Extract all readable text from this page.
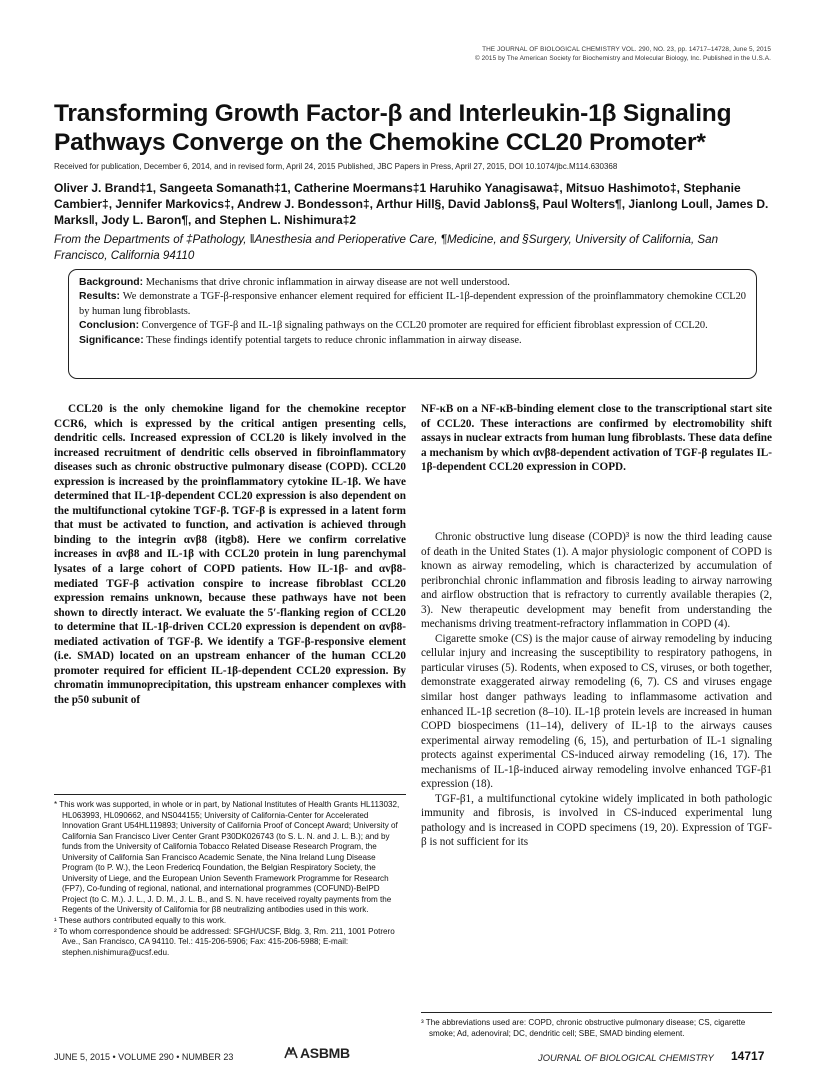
THE JOURNAL OF BIOLOGICAL CHEMISTRY VOL. 290, NO. 23, pp. 14717–14728, June 5, 2015
© 2015 by The American Society for Biochemistry and Molecular Biology, Inc. Published in the U.S.A.
Transforming Growth Factor-β and Interleukin-1β Signaling Pathways Converge on the Chemokine CCL20 Promoter*
Received for publication, December 6, 2014, and in revised form, April 24, 2015 Published, JBC Papers in Press, April 27, 2015, DOI 10.1074/jbc.M114.630368
Oliver J. Brand‡1, Sangeeta Somanath‡1, Catherine Moermans‡1 Haruhiko Yanagisawa‡, Mitsuo Hashimoto‡, Stephanie Cambier‡, Jennifer Markovics‡, Andrew J. Bondesson‡, Arthur Hill§, David Jablons§, Paul Wolters¶, Jianlong Lou‖, James D. Marks‖, Jody L. Baron¶, and Stephen L. Nishimura‡2
From the Departments of ‡Pathology, ‖Anesthesia and Perioperative Care, ¶Medicine, and §Surgery, University of California, San Francisco, California 94110

Background: Mechanisms that drive chronic inflammation in airway disease are not well understood.

Results: We demonstrate a TGF-β-responsive enhancer element required for efficient IL-1β-dependent expression of the proinflammatory chemokine CCL20 by human lung fibroblasts.

Conclusion: Convergence of TGF-β and IL-1β signaling pathways on the CCL20 promoter are required for efficient fibroblast expression of CCL20.

Significance: These findings identify potential targets to reduce chronic inflammation in airway disease.

CCL20 is the only chemokine ligand for the chemokine receptor CCR6, which is expressed by the critical antigen presenting cells, dendritic cells. Increased expression of CCL20 is likely involved in the increased recruitment of dendritic cells observed in fibroinflammatory diseases such as chronic obstructive pulmonary disease (COPD). CCL20 expression is increased by the proinflammatory cytokine IL-1β. We have determined that IL-1β-dependent CCL20 expression is also dependent on the multifunctional cytokine TGF-β. TGF-β is expressed in a latent form that must be activated to function, and activation is achieved through binding to the integrin αvβ8 (itgb8). Here we confirm correlative increases in αvβ8 and IL-1β with CCL20 protein in lung parenchymal lysates of a large cohort of COPD patients. How IL-1β- and αvβ8-mediated TGF-β activation conspire to increase fibroblast CCL20 expression remains unknown, because these pathways have not been shown to directly interact. We evaluate the 5′-flanking region of CCL20 to determine that IL-1β-driven CCL20 expression is dependent on αvβ8-mediated activation of TGF-β. We identify a TGF-β-responsive element (i.e. SMAD) located on an upstream enhancer of the human CCL20 promoter required for efficient IL-1β-dependent CCL20 expression. By chromatin immunoprecipitation, this upstream enhancer complexes with the p50 subunit of

NF-κB on a NF-κB-binding element close to the transcriptional start site of CCL20. These interactions are confirmed by electromobility shift assays in nuclear extracts from human lung fibroblasts. These data define a mechanism by which αvβ8-dependent activation of TGF-β regulates IL-1β-dependent CCL20 expression in COPD.

Chronic obstructive lung disease (COPD)³ is now the third leading cause of death in the United States (1). A major physiologic component of COPD is known as airway remodeling, which is characterized by accumulation of peribronchial chronic inflammation and fibrosis leading to airway narrowing and airflow obstruction that is refractory to currently available therapies (2, 3). New therapeutic development may benefit from understanding the mechanisms driving treatment-refractory inflammation in COPD (4).

Cigarette smoke (CS) is the major cause of airway remodeling by inducing cellular injury and increasing the susceptibility to respiratory pathogens, in particular viruses (5). Rodents, when exposed to CS, viruses, or both together, demonstrate exaggerated airway remodeling (6, 7). CS and viruses engage similar host danger pathways leading to inflammasome activation and enhanced IL-1β secretion (8–10). IL-1β protein levels are increased in human COPD biospecimens (11–14), delivery of IL-1β to the airways causes experimental airway remodeling (6, 15), and perturbation of IL-1 signaling protects against experimental CS-induced airway remodeling (16, 17). The mechanisms of IL-1β-induced airway remodeling involve enhanced TGF-β1 expression (18).

TGF-β1, a multifunctional cytokine widely implicated in both pathologic immunity and fibrosis, is involved in CS-induced experimental lung pathology and is increased in COPD specimens (19, 20). Expression of TGF-β is not sufficient for its

* This work was supported, in whole or in part, by National Institutes of Health Grants HL113032, HL063993, HL090662, and NS044155; University of California-Center for Accelerated Innovation Grant U54HL119893; University of California Proof of Concept Award; University of California San Francisco Liver Center Grant P30DK026743 (to S. L. N. and J. L. B.); and by funds from the University of California Tobacco Related Disease Research Program, the University of California San Francisco Academic Senate, the Nina Ireland Lung Disease Program (to P. W.), the Leon Fredericq Foundation, the Belgian Respiratory Society, the University of Liege, and the European Union Seventh Framework Programme for Research (FP7), Co-funding of regional, national, and international programmes (COFUND)-BeIPD Project (to C. M.). J. L., J. D. M., J. L. B., and S. N. have received royalty payments from the Regents of the University of California for β8 neutralizing antibodies used in this work.

¹ These authors contributed equally to this work.

² To whom correspondence should be addressed: SFGH/UCSF, Bldg. 3, Rm. 211, 1001 Potrero Ave., San Francisco, CA 94110. Tel.: 415-206-5906; Fax: 415-206-5988; E-mail: stephen.nishimura@ucsf.edu.

³ The abbreviations used are: COPD, chronic obstructive pulmonary disease; CS, cigarette smoke; Ad, adenoviral; DC, dendritic cell; SBE, SMAD binding element.

JUNE 5, 2015 • VOLUME 290 • NUMBER 23	ASBMB	JOURNAL OF BIOLOGICAL CHEMISTRY 14717
